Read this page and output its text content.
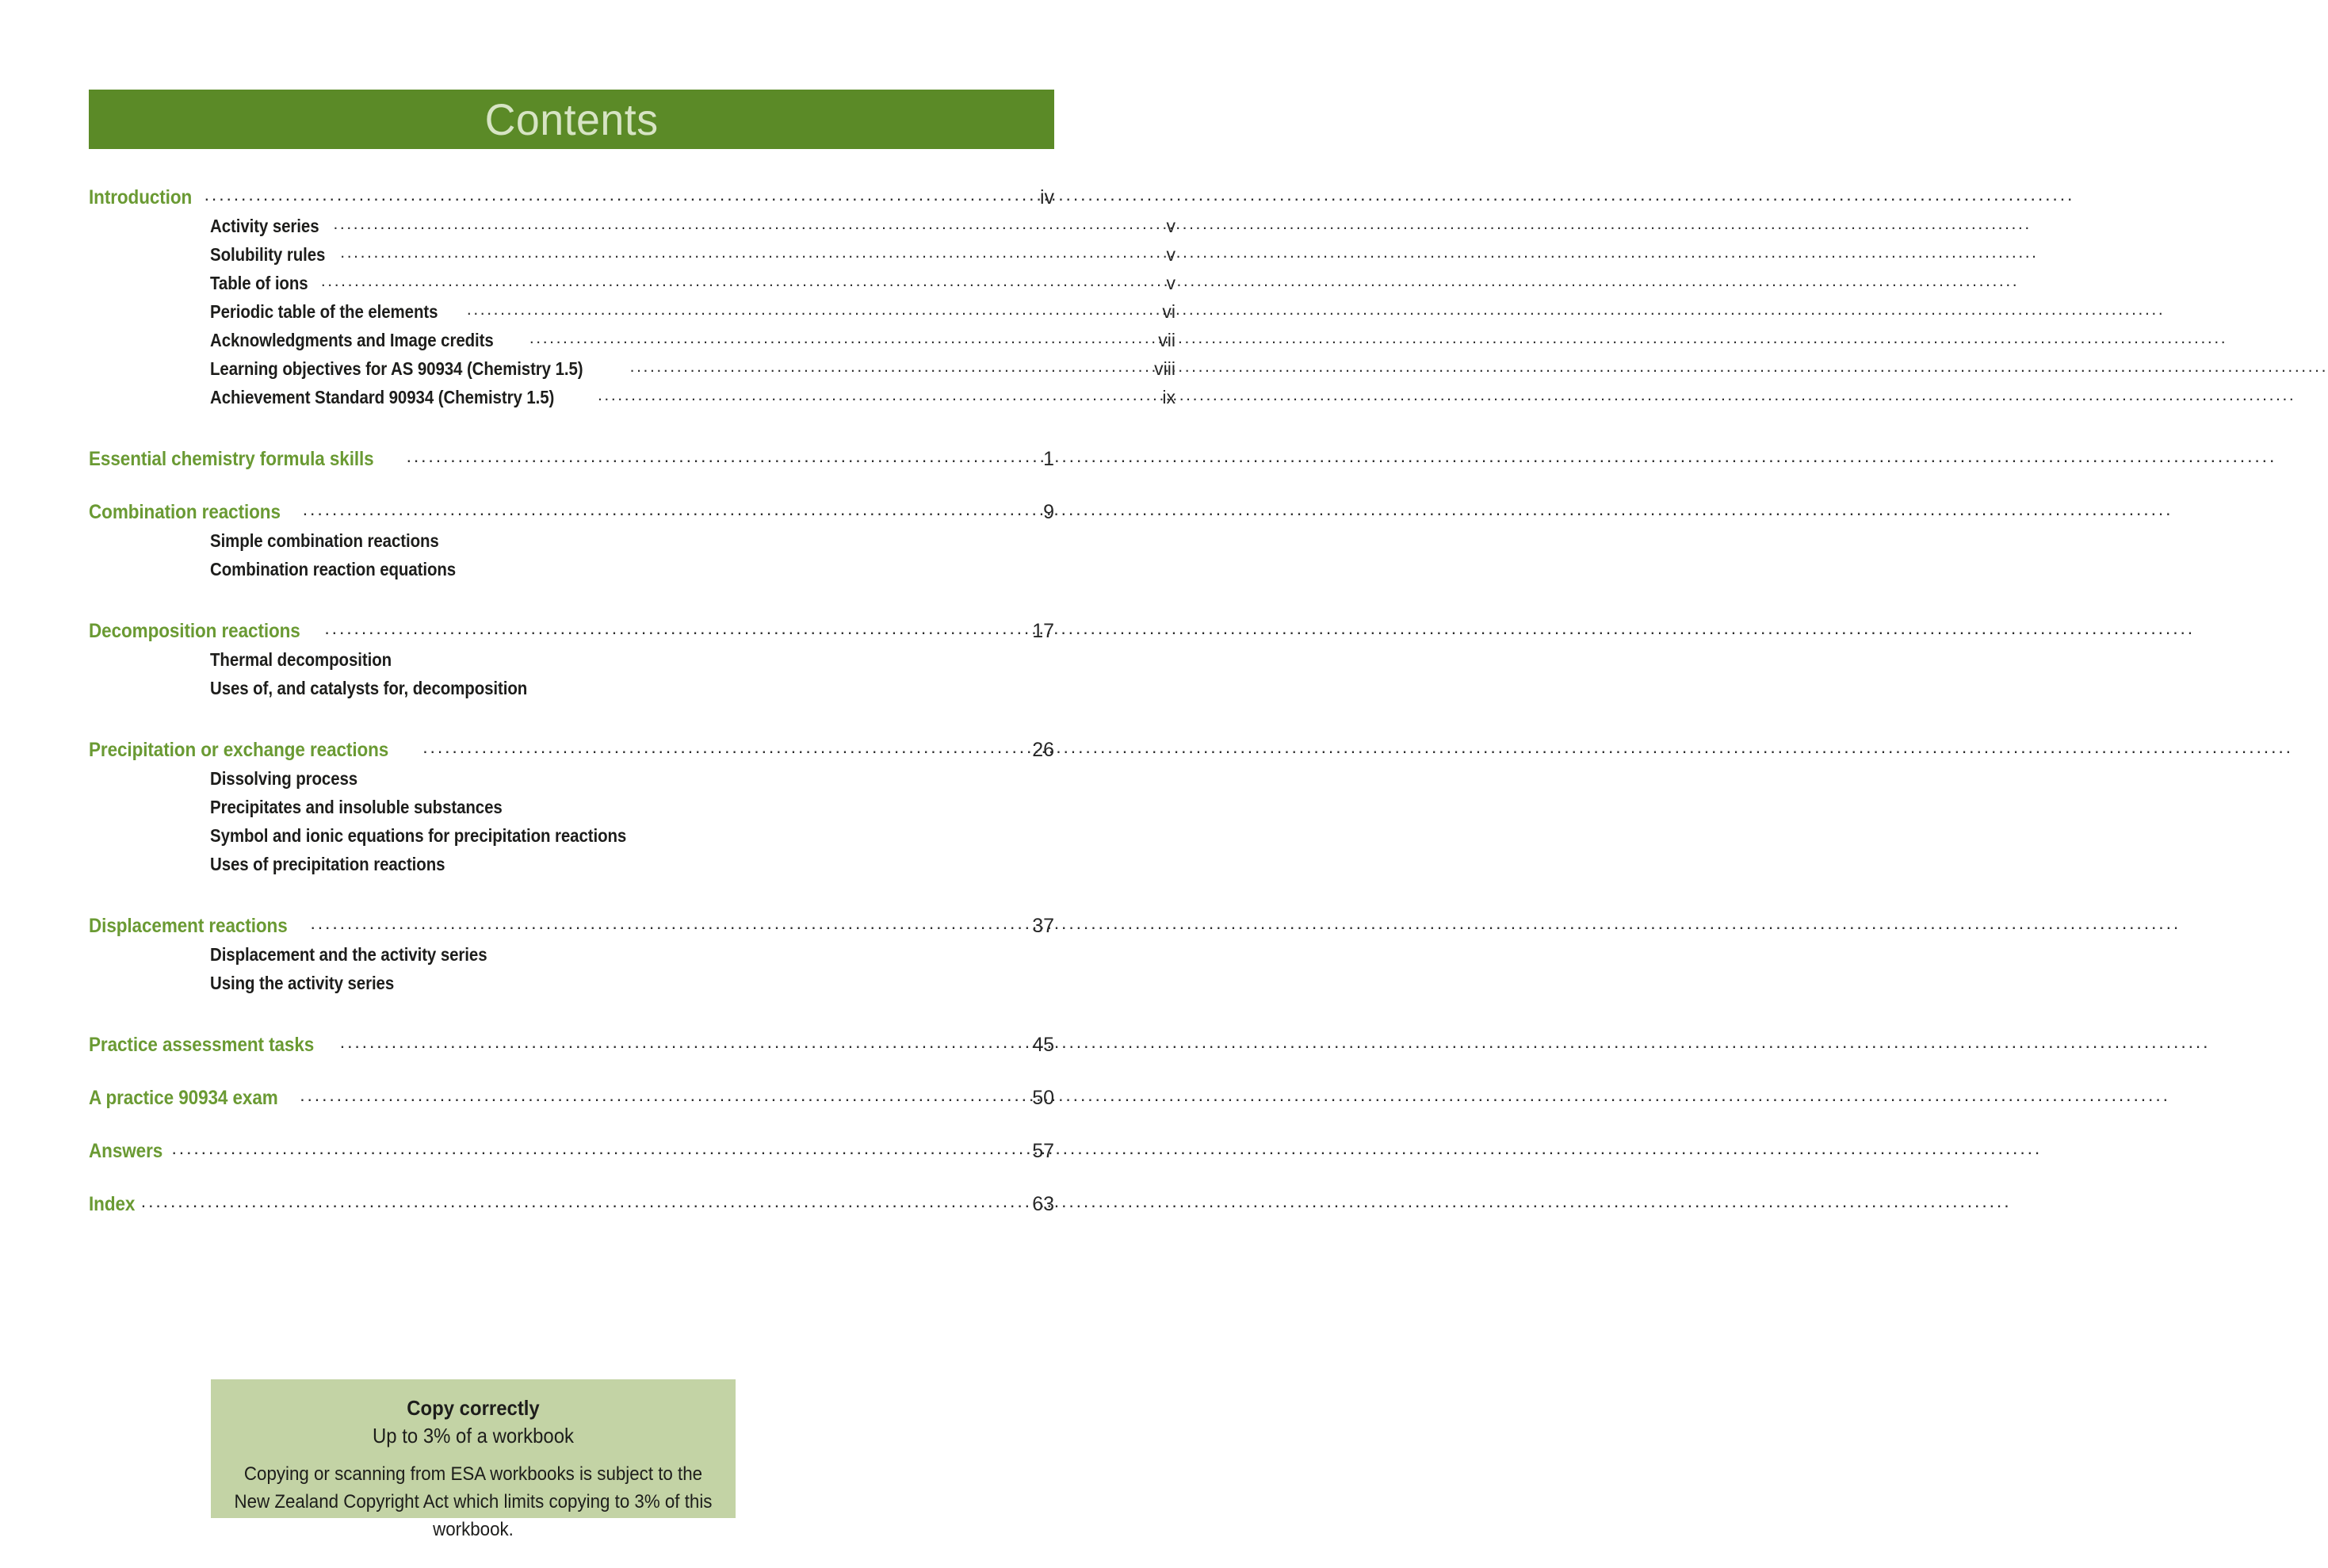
Contents
Introduction .....	iv
Activity series .....	v
Solubility rules .....	v
Table of ions .....	v
Periodic table of the elements .....	vi
Acknowledgments and Image credits .....	vii
Learning objectives for AS 90934 (Chemistry 1.5) .....	viii
Achievement Standard 90934 (Chemistry 1.5) .....	ix
Essential chemistry formula skills .....	1
Combination reactions .....	9
Simple combination reactions
Combination reaction equations
Decomposition reactions .....	17
Thermal decomposition
Uses of, and catalysts for, decomposition
Precipitation or exchange reactions .....	26
Dissolving process
Precipitates and insoluble substances
Symbol and ionic equations for precipitation reactions
Uses of precipitation reactions
Displacement reactions .....	37
Displacement and the activity series
Using the activity series
Practice assessment tasks .....	45
A practice 90934 exam .....	50
Answers .....	57
Index .....	63
Copy correctly
Up to 3% of a workbook
Copying or scanning from ESA workbooks is subject to the
New Zealand Copyright Act which limits copying to 3% of this workbook.
